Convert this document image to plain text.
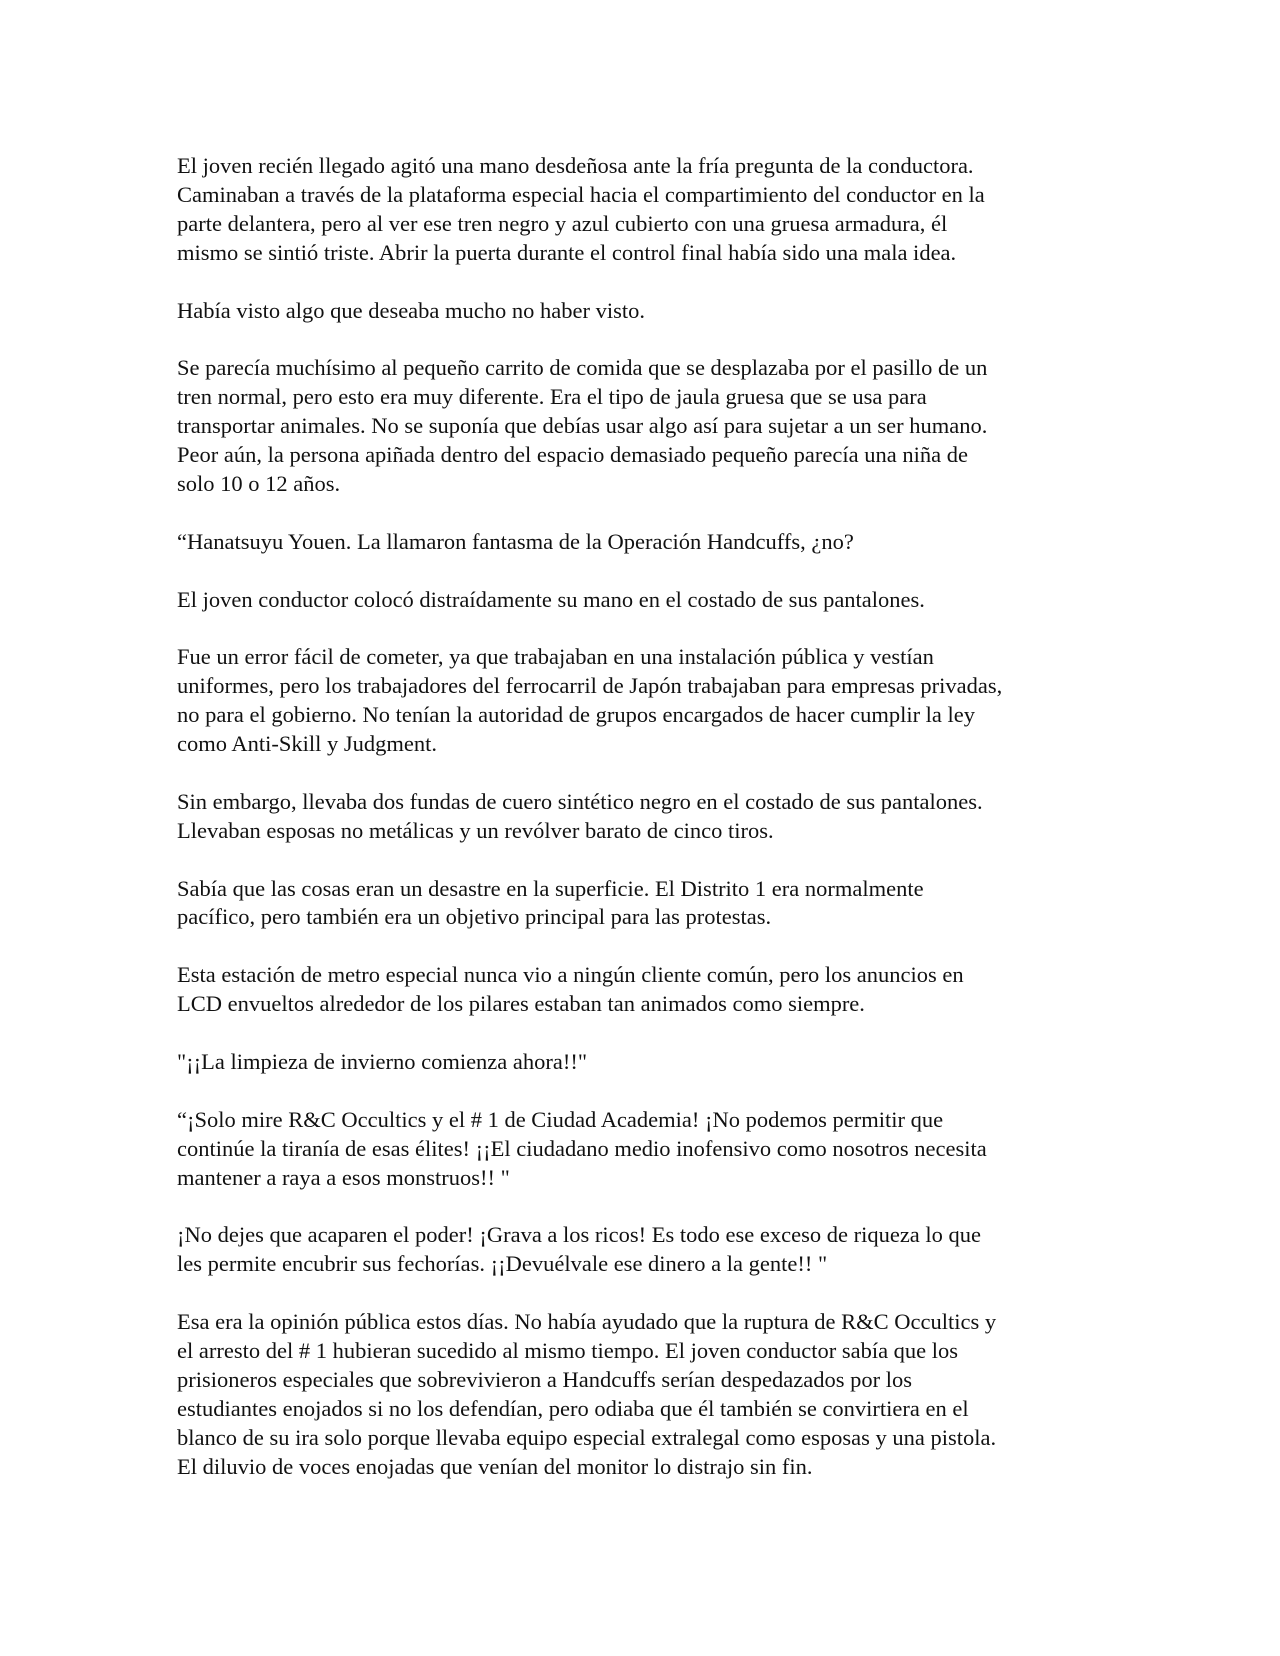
El joven recién llegado agitó una mano desdeñosa ante la fría pregunta de la conductora.
Caminaban a través de la plataforma especial hacia el compartimiento del conductor en la
parte delantera, pero al ver ese tren negro y azul cubierto con una gruesa armadura, él
mismo se sintió triste. Abrir la puerta durante el control final había sido una mala idea.

Había visto algo que deseaba mucho no haber visto.

Se parecía muchísimo al pequeño carrito de comida que se desplazaba por el pasillo de un
tren normal, pero esto era muy diferente. Era el tipo de jaula gruesa que se usa para
transportar animales. No se suponía que debías usar algo así para sujetar a un ser humano.
Peor aún, la persona apiñada dentro del espacio demasiado pequeño parecía una niña de
solo 10 o 12 años.

“Hanatsuyu Youen. La llamaron fantasma de la Operación Handcuffs, ¿no?

El joven conductor colocó distraídamente su mano en el costado de sus pantalones.

Fue un error fácil de cometer, ya que trabajaban en una instalación pública y vestían
uniformes, pero los trabajadores del ferrocarril de Japón trabajaban para empresas privadas,
no para el gobierno. No tenían la autoridad de grupos encargados de hacer cumplir la ley
como Anti-Skill y Judgment.

Sin embargo, llevaba dos fundas de cuero sintético negro en el costado de sus pantalones.
Llevaban esposas no metálicas y un revólver barato de cinco tiros.

Sabía que las cosas eran un desastre en la superficie. El Distrito 1 era normalmente
pacífico, pero también era un objetivo principal para las protestas.

Esta estación de metro especial nunca vio a ningún cliente común, pero los anuncios en
LCD envueltos alrededor de los pilares estaban tan animados como siempre.

"¡¡La limpieza de invierno comienza ahora!!"

“¡Solo mire R&C Occultics y el # 1 de Ciudad Academia! ¡No podemos permitir que
continúe la tiranía de esas élites! ¡¡El ciudadano medio inofensivo como nosotros necesita
mantener a raya a esos monstruos!! "

¡No dejes que acaparen el poder! ¡Grava a los ricos! Es todo ese exceso de riqueza lo que
les permite encubrir sus fechorías. ¡¡Devuélvale ese dinero a la gente!! "

Esa era la opinión pública estos días. No había ayudado que la ruptura de R&C Occultics y
el arresto del # 1 hubieran sucedido al mismo tiempo. El joven conductor sabía que los
prisioneros especiales que sobrevivieron a Handcuffs serían despedazados por los
estudiantes enojados si no los defendían, pero odiaba que él también se convirtiera en el
blanco de su ira solo porque llevaba equipo especial extralegal como esposas y una pistola.
El diluvio de voces enojadas que venían del monitor lo distrajo sin fin.
